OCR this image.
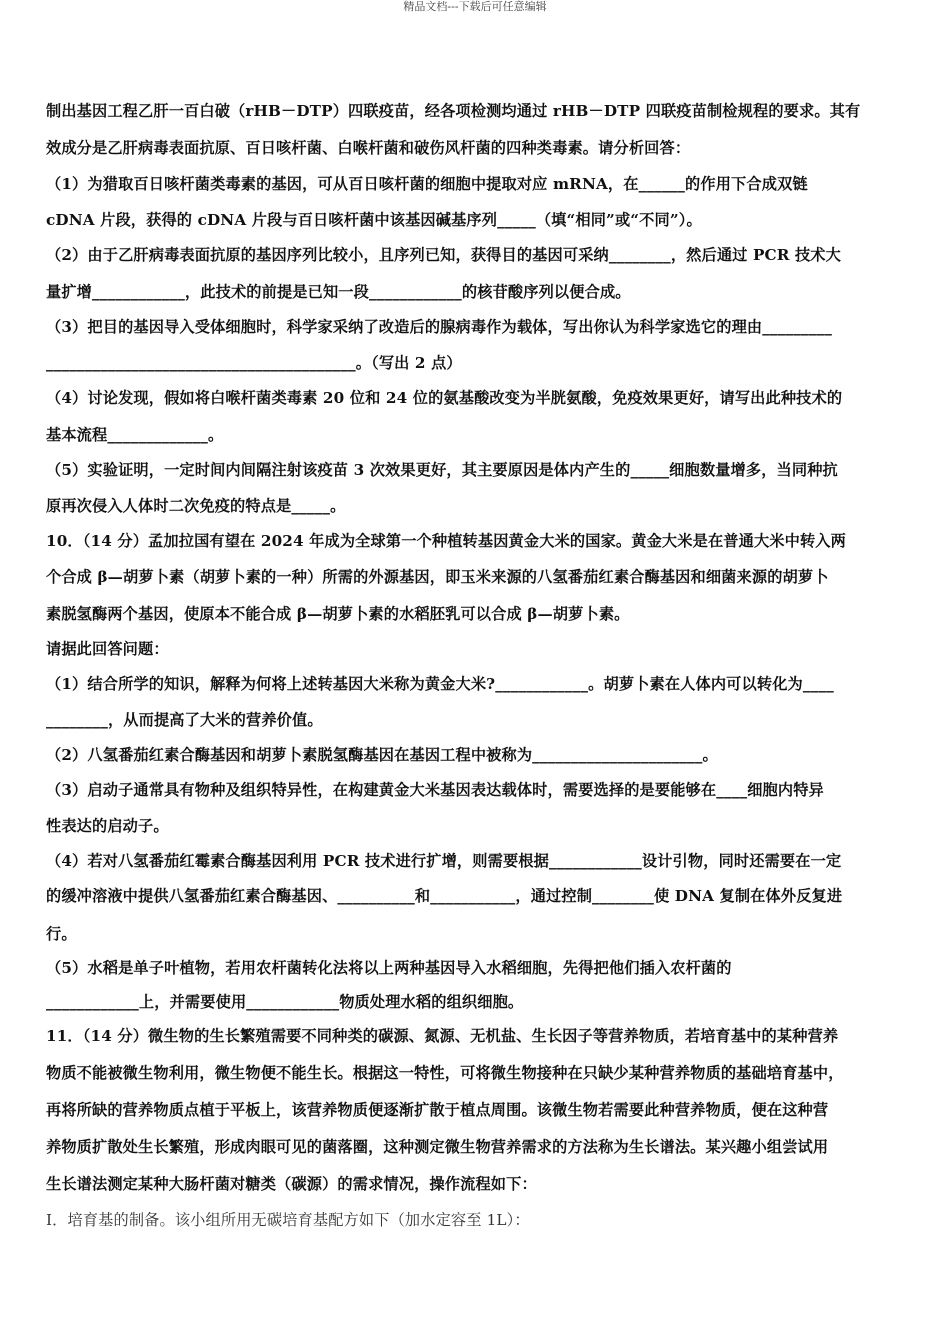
精品文档---下载后可任意编辑
制出基因工程乙肝一百白破（rHB－DTP）四联疫苗，经各项检测均通过 rHB－DTP 四联疫苗制检规程的要求。其有
效成分是乙肝病毒表面抗原、百日咳杆菌、白喉杆菌和破伤风杆菌的四种类毒素。请分析回答：
（1）为猎取百日咳杆菌类毒素的基因，可从百日咳杆菌的细胞中提取对应 mRNA，在______的作用下合成双链
cDNA 片段，获得的 cDNA 片段与百日咳杆菌中该基因碱基序列_____（填“相同”或“不同”）。
（2）由于乙肝病毒表面抗原的基因序列比较小，且序列已知，获得目的基因可采纳________，然后通过 PCR 技术大
量扩增____________，此技术的前提是已知一段____________的核苷酸序列以便合成。
（3）把目的基因导入受体细胞时，科学家采纳了改造后的腺病毒作为载体，写出你认为科学家选它的理由_________
________________________________________。（写出 2 点）
（4）讨论发现，假如将白喉杆菌类毒素 20 位和 24 位的氨基酸改变为半胱氨酸，免疫效果更好，请写出此种技术的
基本流程_____________。
（5）实验证明，一定时间内间隔注射该疫苗 3 次效果更好，其主要原因是体内产生的_____细胞数量增多，当同种抗
原再次侵入人体时二次免疫的特点是_____。
10．（14 分）孟加拉国有望在 2024 年成为全球第一个种植转基因黄金大米的国家。黄金大米是在普通大米中转入两
个合成 β—胡萝卜素（胡萝卜素的一种）所需的外源基因，即玉米来源的八氢番茄红素合酶基因和细菌来源的胡萝卜
素脱氢酶两个基因，使原本不能合成 β—胡萝卜素的水稻胚乳可以合成 β—胡萝卜素。
请据此回答问题：
（1）结合所学的知识，解释为何将上述转基因大米称为黄金大米?____________。胡萝卜素在人体内可以转化为____
________，从而提高了大米的营养价值。
（2）八氢番茄红素合酶基因和胡萝卜素脱氢酶基因在基因工程中被称为______________________。
（3）启动子通常具有物种及组织特异性，在构建黄金大米基因表达载体时，需要选择的是要能够在____细胞内特异
性表达的启动子。
（4）若对八氢番茄红霉素合酶基因利用 PCR 技术进行扩增，则需要根据____________设计引物，同时还需要在一定
的缓冲溶液中提供八氢番茄红素合酶基因、__________和___________，通过控制________使 DNA 复制在体外反复进
行。
（5）水稻是单子叶植物，若用农杆菌转化法将以上两种基因导入水稻细胞，先得把他们插入农杆菌的
____________上，并需要使用____________物质处理水稻的组织细胞。
11．（14 分）微生物的生长繁殖需要不同种类的碳源、氮源、无机盐、生长因子等营养物质，若培育基中的某种营养
物质不能被微生物利用，微生物便不能生长。根据这一特性，可将微生物接种在只缺少某种营养物质的基础培育基中，
再将所缺的营养物质点植于平板上，该营养物质便逐渐扩散于植点周围。该微生物若需要此种营养物质，便在这种营
养物质扩散处生长繁殖，形成肉眼可见的菌落圈，这种测定微生物营养需求的方法称为生长谱法。某兴趣小组尝试用
生长谱法测定某种大肠杆菌对糖类（碳源）的需求情况，操作流程如下：
I．培育基的制备。该小组所用无碳培育基配方如下（加水定容至 1L）：
